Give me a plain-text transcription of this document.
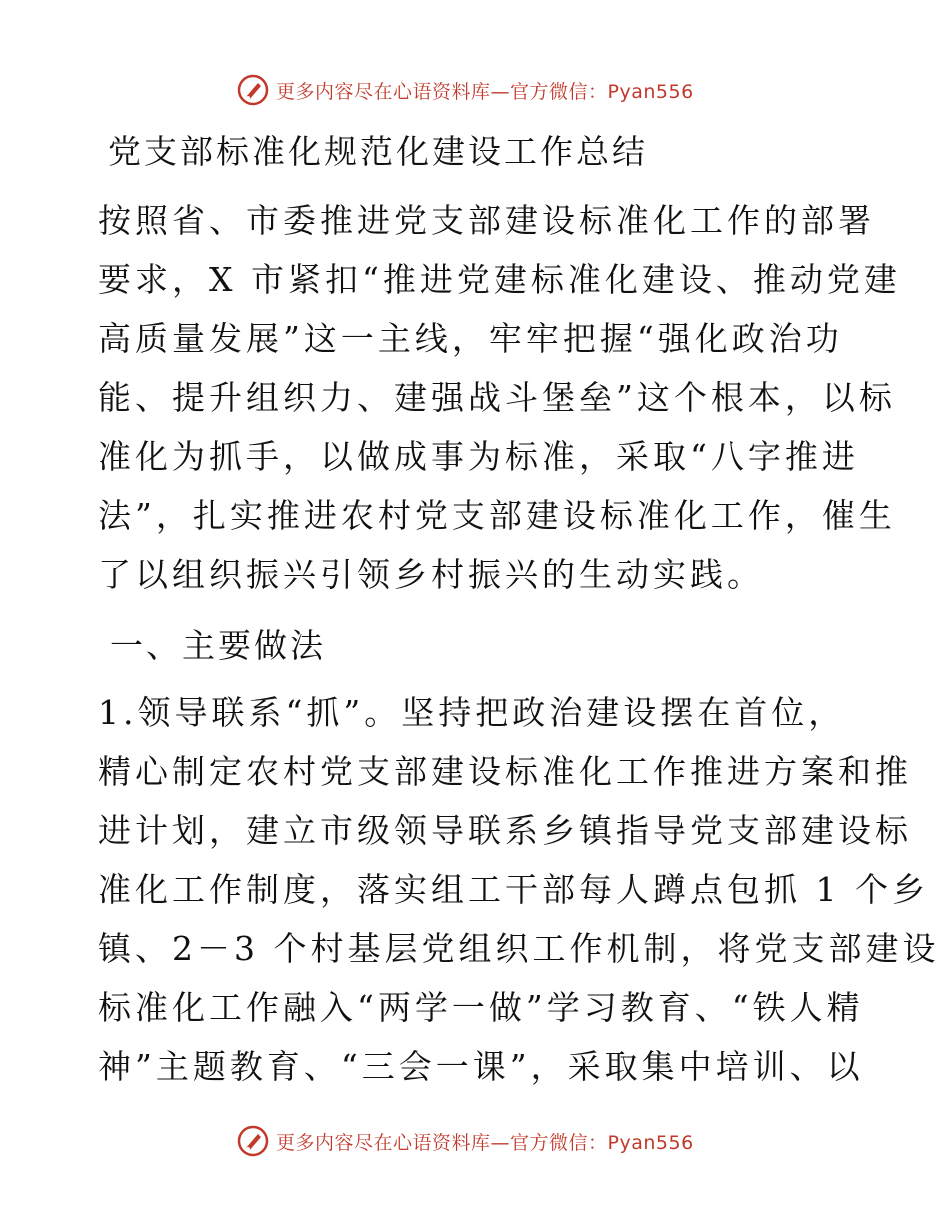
更多内容尽在心语资料库—官方微信：Pyan556
党支部标准化规范化建设工作总结

按照省、市委推进党支部建设标准化工作的部署
要求，X 市紧扣“推进党建标准化建设、推动党建
高质量发展”这一主线，牢牢把握“强化政治功
能、提升组织力、建强战斗堡垒”这个根本，以标
准化为抓手，以做成事为标准，采取“八字推进
法”，扎实推进农村党支部建设标准化工作，催生
了以组织振兴引领乡村振兴的生动实践。

一、主要做法

1.领导联系“抓”。坚持把政治建设摆在首位，
精心制定农村党支部建设标准化工作推进方案和推
进计划，建立市级领导联系乡镇指导党支部建设标
准化工作制度，落实组工干部每人蹲点包抓 1 个乡
镇、2－3 个村基层党组织工作机制，将党支部建设
标准化工作融入“两学一做”学习教育、“铁人精
神”主题教育、“三会一课”，采取集中培训、以

更多内容尽在心语资料库—官方微信：Pyan556
